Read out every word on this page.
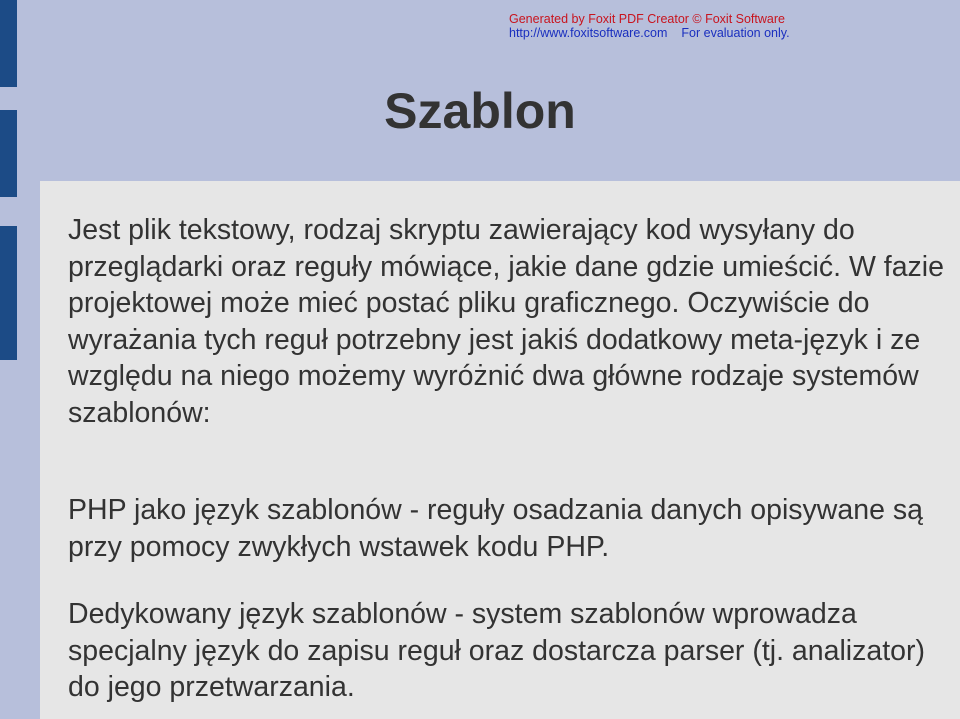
Generated by Foxit PDF Creator © Foxit Software
http://www.foxitsoftware.com For evaluation only.
Szablon

Jest plik tekstowy, rodzaj skryptu zawierający kod wysyłany do przeglądarki oraz reguły mówiące, jakie dane gdzie umieścić. W fazie projektowej może mieć postać pliku graficznego. Oczywiście do wyrażania tych reguł potrzebny jest jakiś dodatkowy meta-język i ze względu na niego możemy wyróżnić dwa główne rodzaje systemów szablonów:

PHP jako język szablonów - reguły osadzania danych opisywane są przy pomocy zwykłych wstawek kodu PHP.

Dedykowany język szablonów - system szablonów wprowadza specjalny język do zapisu reguł oraz dostarcza parser (tj. analizator) do jego przetwarzania.
